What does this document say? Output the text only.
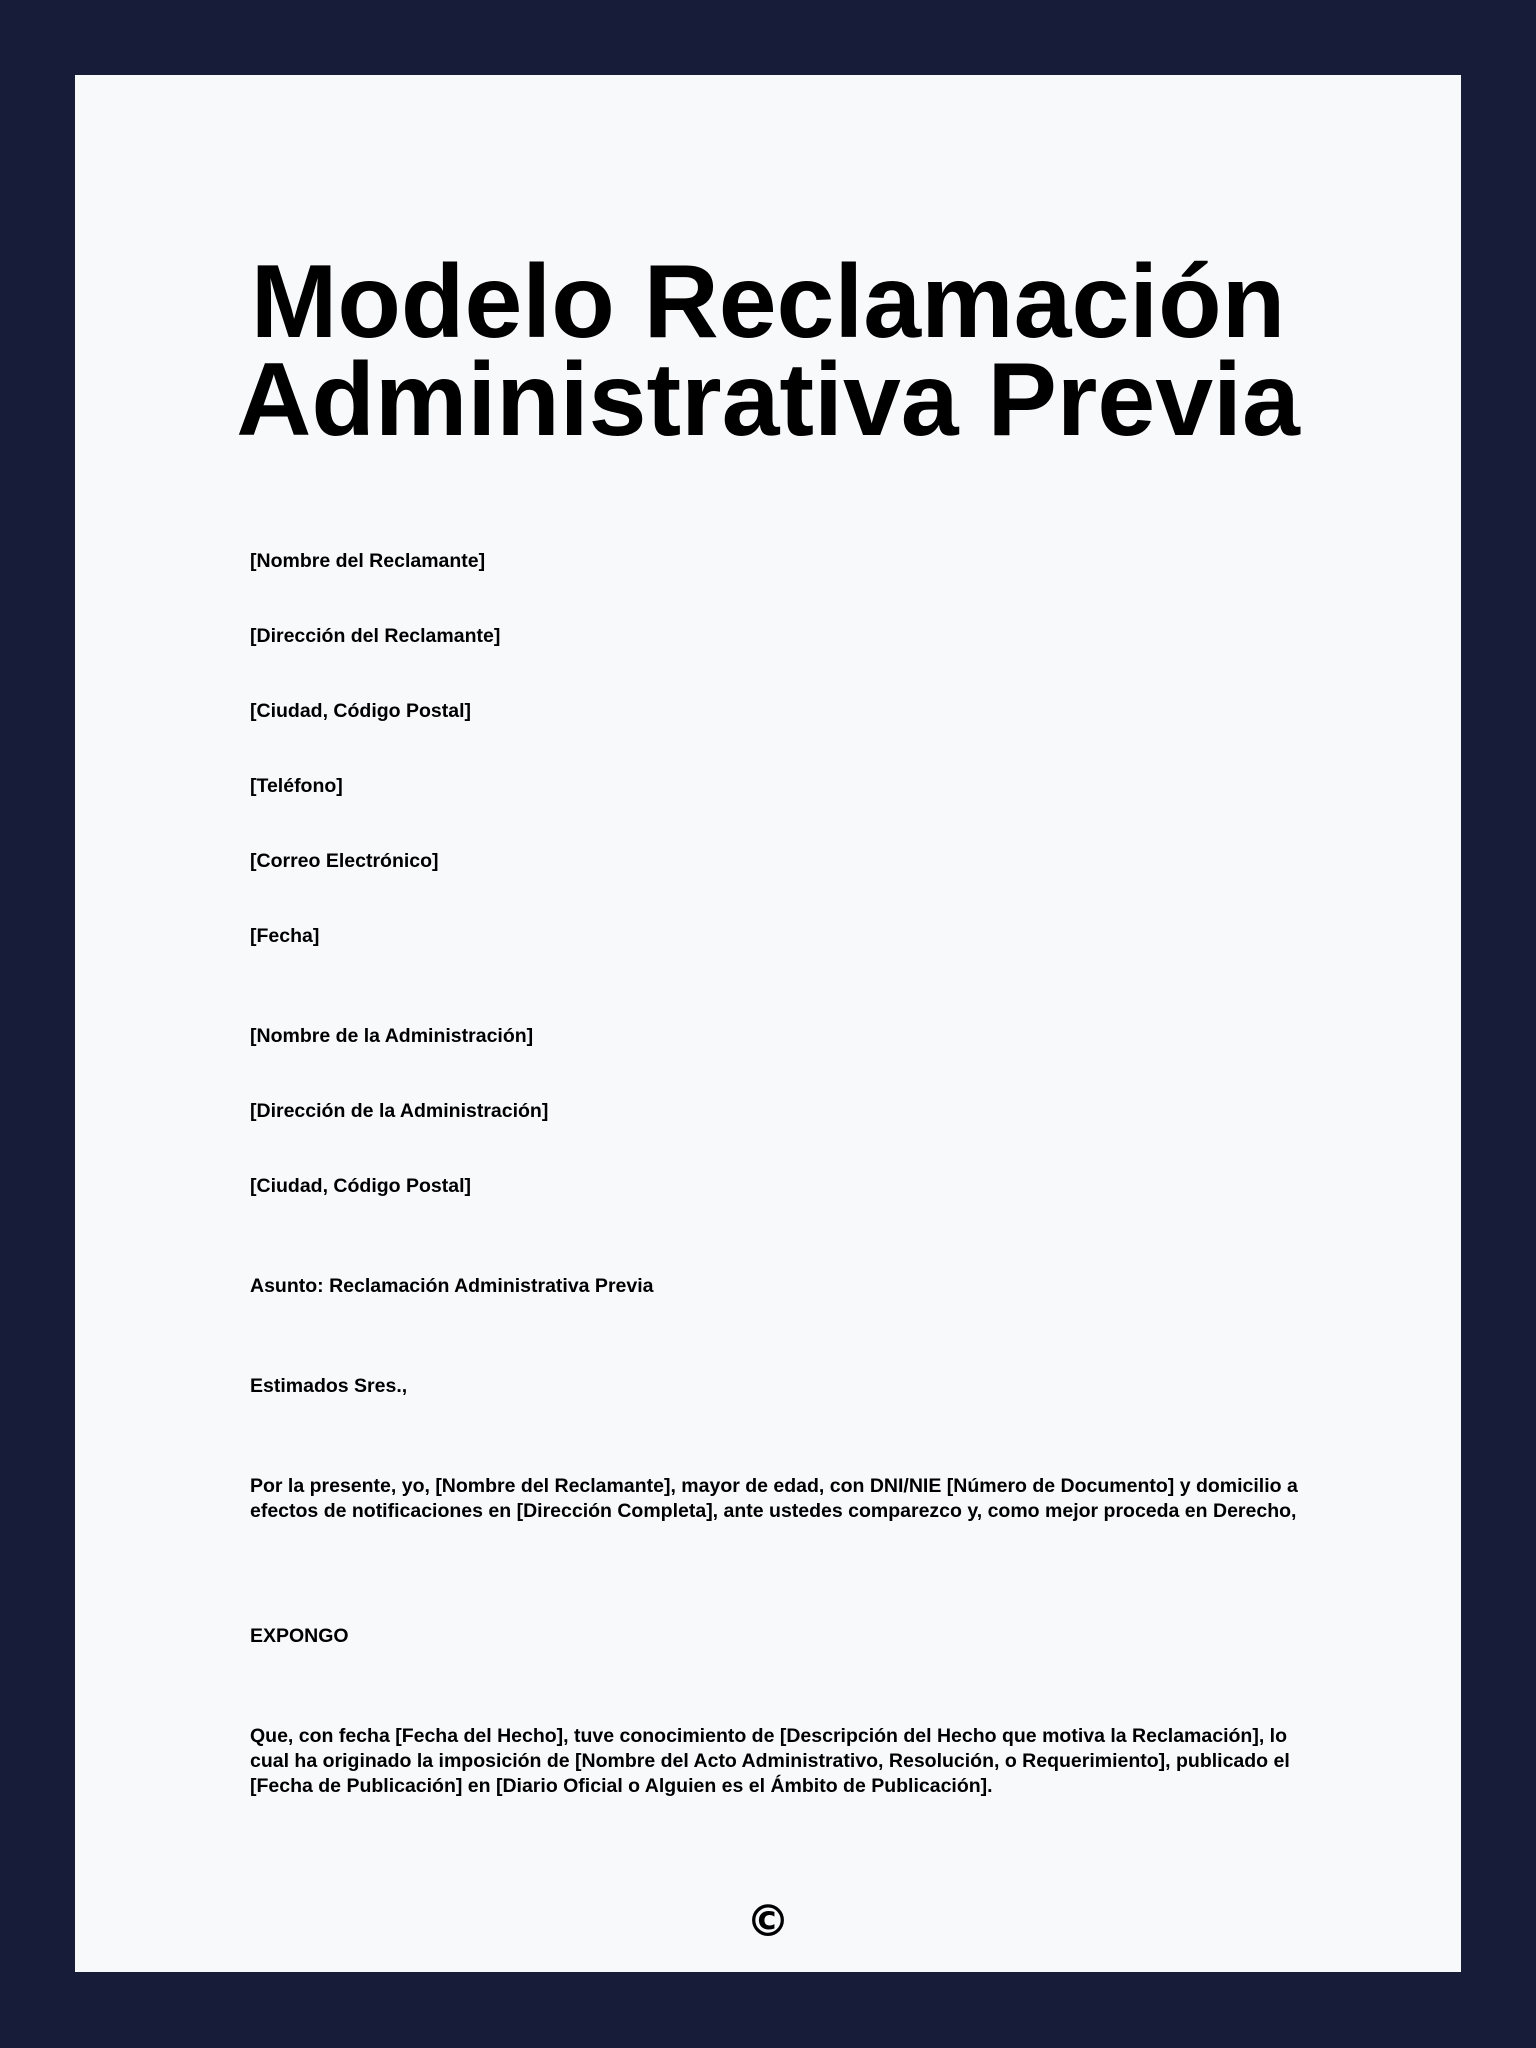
Modelo Reclamación
Administrativa Previa

[Nombre del Reclamante]

[Dirección del Reclamante]

[Ciudad, Código Postal]

[Teléfono]

[Correo Electrónico]

[Fecha]

[Nombre de la Administración]

[Dirección de la Administración]

[Ciudad, Código Postal]

Asunto: Reclamación Administrativa Previa

Estimados Sres.,

Por la presente, yo, [Nombre del Reclamante], mayor de edad, con DNI/NIE [Número de Documento] y domicilio a efectos de notificaciones en [Dirección Completa], ante ustedes comparezco y, como mejor proceda en Derecho,

EXPONGO

Que, con fecha [Fecha del Hecho], tuve conocimiento de [Descripción del Hecho que motiva la Reclamación], lo cual ha originado la imposición de [Nombre del Acto Administrativo, Resolución, o Requerimiento], publicado el [Fecha de Publicación] en [Diario Oficial o Alguien es el Ámbito de Publicación].

©
